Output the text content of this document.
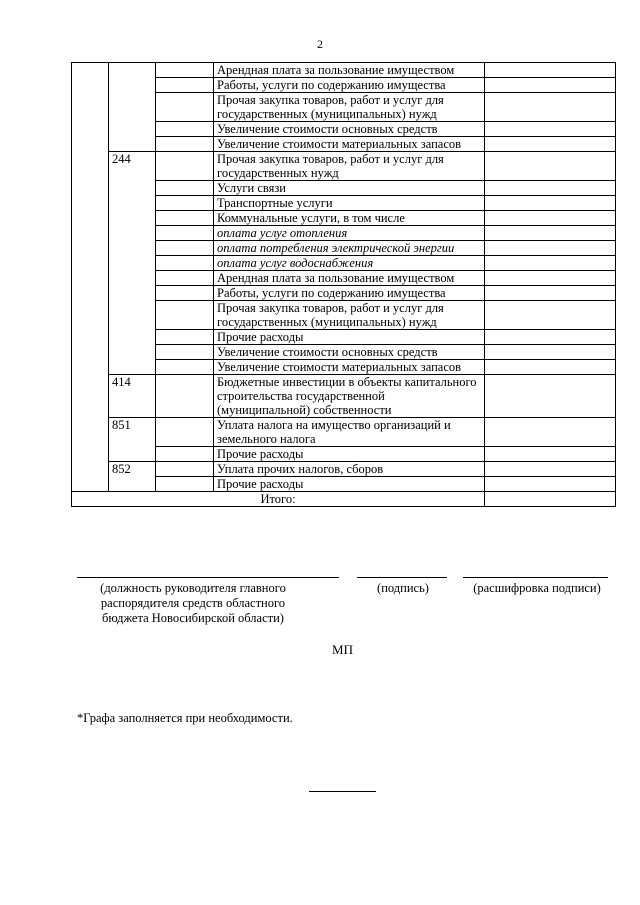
2
			Арендная плата за пользование имуществом	
			Работы, услуги по содержанию имущества	
			Прочая закупка товаров, работ и услуг для государственных (муниципальных) нужд	
			Увеличение стоимости основных средств	
			Увеличение стоимости материальных запасов	
	244		Прочая закупка товаров, работ и услуг для государственных нужд	
			Услуги связи	
			Транспортные услуги	
			Коммунальные услуги, в том числе	
			оплата услуг отопления	
			оплата потребления электрической энергии	
			оплата услуг водоснабжения	
			Арендная плата за пользование имуществом	
			Работы, услуги по содержанию имущества	
			Прочая закупка товаров, работ и услуг для государственных (муниципальных) нужд	
			Прочие расходы	
			Увеличение стоимости основных средств	
			Увеличение стоимости материальных запасов	
	414		Бюджетные инвестиции в объекты капитального строительства государственной (муниципальной) собственности	
	851		Уплата налога на имущество организаций и земельного налога	
			Прочие расходы	
	852		Уплата прочих налогов, сборов	
			Прочие расходы	
Итого:				
(должность руководителя главного распорядителя средств областного бюджета Новосибирской области)
(подпись)	(расшифровка подписи)
МП
*Графа заполняется при необходимости.
